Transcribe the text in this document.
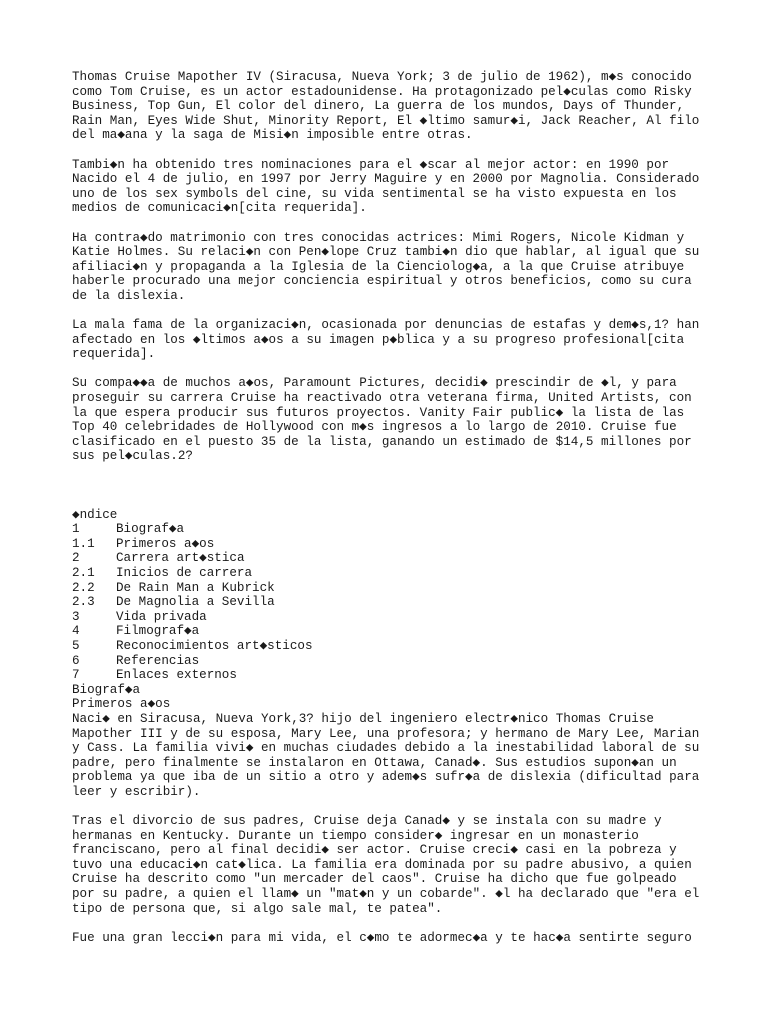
Thomas Cruise Mapother IV (Siracusa, Nueva York; 3 de julio de 1962), m◆s conocido
como Tom Cruise, es un actor estadounidense. Ha protagonizado pel◆culas como Risky
Business, Top Gun, El color del dinero, La guerra de los mundos, Days of Thunder,
Rain Man, Eyes Wide Shut, Minority Report, El ◆ltimo samur◆i, Jack Reacher, Al filo
del ma◆ana y la saga de Misi◆n imposible entre otras.

Tambi◆n ha obtenido tres nominaciones para el ◆scar al mejor actor: en 1990 por
Nacido el 4 de julio, en 1997 por Jerry Maguire y en 2000 por Magnolia. Considerado
uno de los sex symbols del cine, su vida sentimental se ha visto expuesta en los
medios de comunicaci◆n[cita requerida].

Ha contra◆do matrimonio con tres conocidas actrices: Mimi Rogers, Nicole Kidman y
Katie Holmes. Su relaci◆n con Pen◆lope Cruz tambi◆n dio que hablar, al igual que su
afiliaci◆n y propaganda a la Iglesia de la Cienciolog◆a, a la que Cruise atribuye
haberle procurado una mejor conciencia espiritual y otros beneficios, como su cura
de la dislexia.

La mala fama de la organizaci◆n, ocasionada por denuncias de estafas y dem◆s,1? han
afectado en los ◆ltimos a◆os a su imagen p◆blica y a su progreso profesional[cita
requerida].

Su compa◆◆a de muchos a◆os, Paramount Pictures, decidi◆ prescindir de ◆l, y para
proseguir su carrera Cruise ha reactivado otra veterana firma, United Artists, con
la que espera producir sus futuros proyectos. Vanity Fair public◆ la lista de las
Top 40 celebridades de Hollywood con m◆s ingresos a lo largo de 2010. Cruise fue
clasificado en el puesto 35 de la lista, ganando un estimado de $14,5 millones por
sus pel◆culas.2?

◆ndice
1	Biograf◆a
1.1 Primeros a◆os
2	Carrera art◆stica
2.1 Inicios de carrera
2.2 De Rain Man a Kubrick
2.3 De Magnolia a Sevilla
3	Vida privada
4	Filmograf◆a
5	Reconocimientos art◆sticos
6	Referencias
7	Enlaces externos
Biograf◆a
Primeros a◆os

Naci◆ en Siracusa, Nueva York,3? hijo del ingeniero electr◆nico Thomas Cruise
Mapother III y de su esposa, Mary Lee, una profesora; y hermano de Mary Lee, Marian
y Cass. La familia vivi◆ en muchas ciudades debido a la inestabilidad laboral de su
padre, pero finalmente se instalaron en Ottawa, Canad◆. Sus estudios supon◆an un
problema ya que iba de un sitio a otro y adem◆s sufr◆a de dislexia (dificultad para
leer y escribir).

Tras el divorcio de sus padres, Cruise deja Canad◆ y se instala con su madre y
hermanas en Kentucky. Durante un tiempo consider◆ ingresar en un monasterio
franciscano, pero al final decidi◆ ser actor. Cruise creci◆ casi en la pobreza y
tuvo una educaci◆n cat◆lica. La familia era dominada por su padre abusivo, a quien
Cruise ha descrito como "un mercader del caos". Cruise ha dicho que fue golpeado
por su padre, a quien el llam◆ un "mat◆n y un cobarde". ◆l ha declarado que "era el
tipo de persona que, si algo sale mal, te patea".

Fue una gran lecci◆n para mi vida, el c◆mo te adormec◆a y te hac◆a sentirte seguro
